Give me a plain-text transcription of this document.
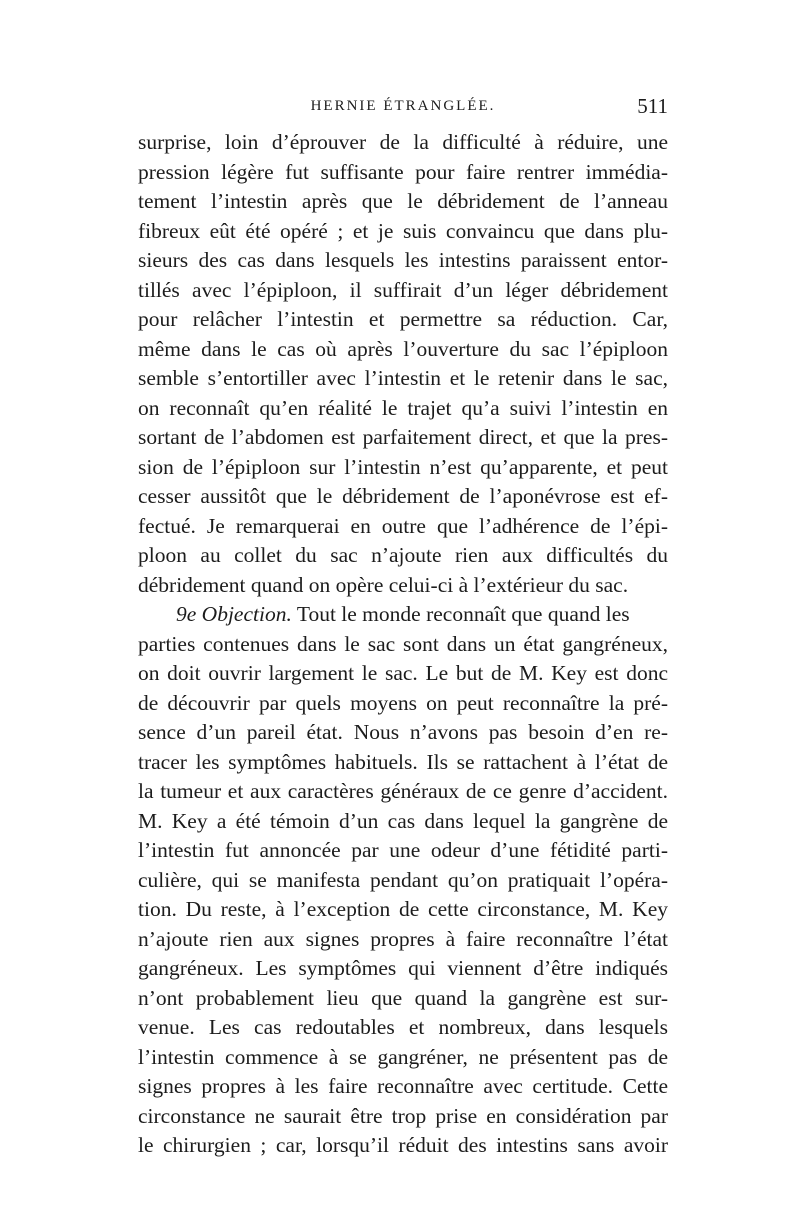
HERNIE ÉTRANGLÉE.	511
surprise, loin d’éprouver de la difficulté à réduire, une
pression légère fut suffisante pour faire rentrer immédia-
tement l’intestin après que le débridement de l’anneau
fibreux eût été opéré ; et je suis convaincu que dans plu-
sieurs des cas dans lesquels les intestins paraissent entor-
tillés avec l’épiploon, il suffirait d’un léger débridement
pour relâcher l’intestin et permettre sa réduction. Car,
même dans le cas où après l’ouverture du sac l’épiploon
semble s’entortiller avec l’intestin et le retenir dans le sac,
on reconnaît qu’en réalité le trajet qu’a suivi l’intestin en
sortant de l’abdomen est parfaitement direct, et que la pres-
sion de l’épiploon sur l’intestin n’est qu’apparente, et peut
cesser aussitôt que le débridement de l’aponévrose est ef-
fectué. Je remarquerai en outre que l’adhérence de l’épi-
ploon au collet du sac n’ajoute rien aux difficultés du
débridement quand on opère celui-ci à l’extérieur du sac.
9e Objection. Tout le monde reconnaît que quand les
parties contenues dans le sac sont dans un état gangréneux,
on doit ouvrir largement le sac. Le but de M. Key est donc
de découvrir par quels moyens on peut reconnaître la pré-
sence d’un pareil état. Nous n’avons pas besoin d’en re-
tracer les symptômes habituels. Ils se rattachent à l’état de
la tumeur et aux caractères généraux de ce genre d’accident.
M. Key a été témoin d’un cas dans lequel la gangrène de
l’intestin fut annoncée par une odeur d’une fétidité parti-
culière, qui se manifesta pendant qu’on pratiquait l’opéra-
tion. Du reste, à l’exception de cette circonstance, M. Key
n’ajoute rien aux signes propres à faire reconnaître l’état
gangréneux. Les symptômes qui viennent d’être indiqués
n’ont probablement lieu que quand la gangrène est sur-
venue. Les cas redoutables et nombreux, dans lesquels
l’intestin commence à se gangréner, ne présentent pas de
signes propres à les faire reconnaître avec certitude. Cette
circonstance ne saurait être trop prise en considération par
le chirurgien ; car, lorsqu’il réduit des intestins sans avoir
